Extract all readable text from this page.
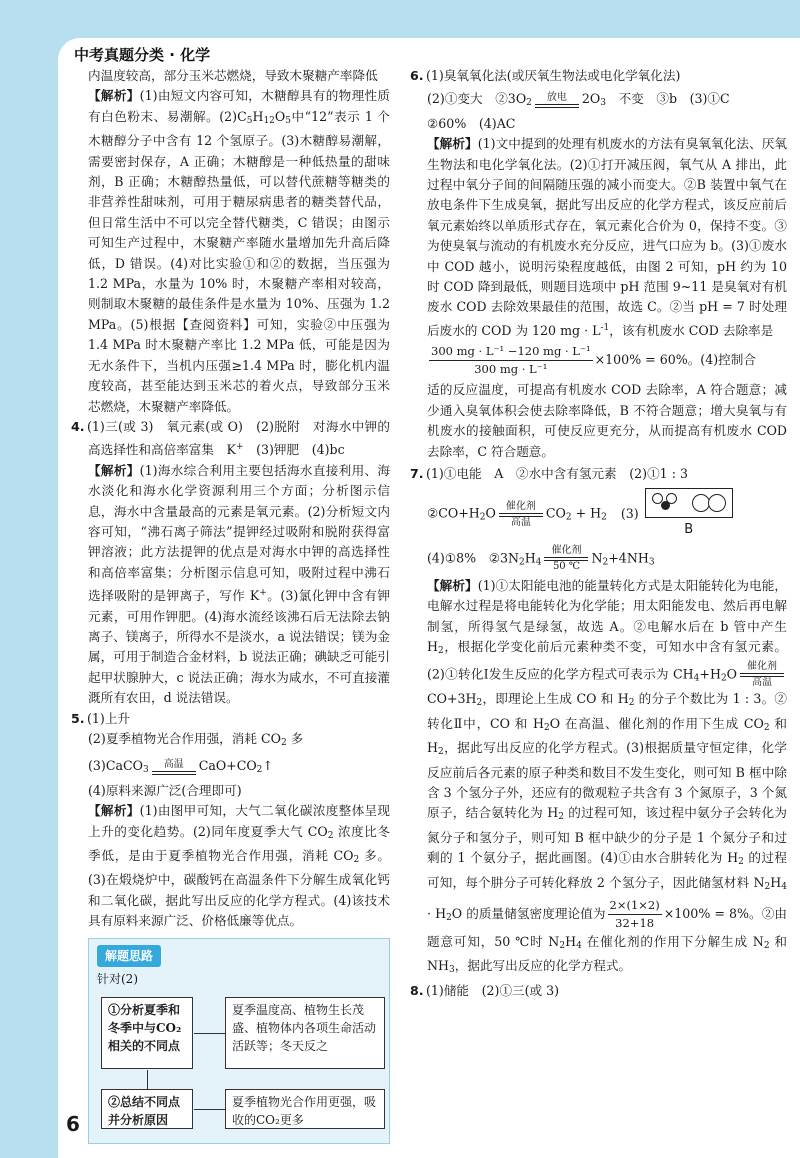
中考真题分类 · 化学

内温度较高，部分玉米芯燃烧，导致木聚糖产率降低

【解析】(1)由短文内容可知，木糖醇具有的物理性质有白色粉末、易潮解。$(2)C_5H_{12}O_5$中“12”表示 1 个木糖醇分子中含有 12 个氢原子。(3)木糖醇易潮解，需要密封保存，A 正确；木糖醇是一种低热量的甜味剂，B 正确；木糖醇热量低，可以替代蔗糖等糖类的非营养性甜味剂，可用于糖尿病患者的糖类替代品，但日常生活中不可以完全替代糖类，C 错误；由图示可知生产过程中，木聚糖产率随水量增加先升高后降低，D 错误。(4)对比实验①和②的数据，当压强为 1.2 MPa，水量为 10% 时，木聚糖产率相对较高，则制取木聚糖的最佳条件是水量为 10%、压强为 1.2 MPa。(5)根据【查阅资料】可知，实验②中压强为 1.4 MPa 时木聚糖产率比 1.2 MPa 低，可能是因为无水条件下，当机内压强≥1.4 MPa 时，膨化机内温度较高，甚至能达到玉米芯的着火点，导致部分玉米芯燃烧，木聚糖产率降低。

4. (1)三(或 3)　氧元素(或 O)　(2)脱附　对海水中钾的高选择性和高倍率富集　K+　(3)钾肥　(4)bc

【解析】(1)海水综合利用主要包括海水直接利用、海水淡化和海水化学资源利用三个方面；分析图示信息，海水中含量最高的元素是氧元素。(2)分析短文内容可知，“沸石离子筛法”提钾经过吸附和脱附获得富钾溶液；此方法提钾的优点是对海水中钾的高选择性和高倍率富集；分析图示信息可知，吸附过程中沸石选择吸附的是钾离子，写作 K+。(3)氯化钾中含有钾元素，可用作钾肥。(4)海水流经该沸石后无法除去钠离子、镁离子，所得水不是淡水，a 说法错误；镁为金属，可用于制造合金材料，b 说法正确；碘缺乏可能引起甲状腺肿大，c 说法正确；海水为咸水，不可直接灌溉所有农田，d 说法错误。

5. (1)上升

(2)夏季植物光合作用强，消耗 $CO_2$ 多

(3)CaCO$_3$
高温 $CaO+CO_2↑$

(4)原料来源广泛(合理即可)

【解析】(1)由图甲可知，大气二氧化碳浓度整体呈现上升的变化趋势。(2)同年度夏季大气 $CO_2$ 浓度比冬季低，是由于夏季植物光合作用强，消耗 $CO_2$ 多。(3)在煅烧炉中，碳酸钙在高温条件下分解生成氧化钙和二氧化碳，据此写出反应的化学方程式。(4)该技术具有原料来源广泛、价格低廉等优点。

解题思路
针对(2)
①分析夏季和冬季中与CO₂相关的不同点
夏季温度高、植物生长茂盛、植物体内各项生命活动活跃等；冬天反之
②总结不同点并分析原因
夏季植物光合作用更强，吸收的CO₂更多

6. (1)臭氧氧化法(或厌氧生物法或电化学氧化法)

(2)①变大　$②3O_2$
放电 $2O_3$　不变　③b　(3)①C

②60%　(4)AC

【解析】(1)文中提到的处理有机废水的方法有臭氧氧化法、厌氧生物法和电化学氧化法。(2)①打开减压阀，氧气从 A 排出，此过程中氧分子间的间隔随压强的减小而变大。②B 装置中氧气在放电条件下生成臭氧，据此写出反应的化学方程式，该反应前后氧元素始终以单质形式存在，氧元素化合价为 0，保持不变。③为使臭氧与流动的有机废水充分反应，进气口应为 b。(3)①废水中 COD 越小，说明污染程度越低，由图 2 可知，pH 约为 10 时 COD 降到最低，则题目选项中 pH 范围 9~11 是臭氧对有机废水 COD 去除效果最佳的范围，故选 C。②当 pH = 7 时处理后废水的 COD 为 120 mg · $L^{-1}$，该有机废水 COD 去除率是

$\frac{\text{300 mg · L⁻¹ −120 mg · L⁻¹}}{\text{300 mg · L⁻¹}} \times 100\% = 60\%$。(4)控制合

适的反应温度，可提高有机废水 COD 去除率，A 符合题意；减少通入臭氧体积会使去除率降低，B 不符合题意；增大臭氧与有机废水的接触面积，可使反应更充分，从而提高有机废水 COD 去除率，C 符合题意。

7. (1)①电能　A　②水中含有氢元素　(2)①1 : 3

$②CO+H_2O$ 催化剂
高温
$CO_2 + H_2$ (3)
B

(4)①8%　$②3N_2H_4$
催化剂
50 ℃
$N_2+4NH_3$

【解析】(1)①太阳能电池的能量转化方式是太阳能转化为电能，电解水过程是将电能转化为化学能；用太阳能发电、然后再电解制氢，所得氢气是绿氢，故选 A。②电解水后在 b 管中产生 $H_2$，根据化学变化前后元素种类不变，可知水中含有氢元素。(2)①转化Ⅰ发生反应的化学方程式可表示为 $CH_4+H_2O$ 催化剂
高温
$CO+3H_2$，即理论上生成 CO 和 $H_2$ 的分子个数比为 1 : 3。②转化Ⅱ中，CO 和 $H_2O$ 在高温、催化剂的作用下生成 $CO_2$ 和 $H_2$，据此写出反应的化学方程式。(3)根据质量守恒定律，化学反应前后各元素的原子种类和数目不发生变化，则可知 B 框中除含 3 个氢分子外，还应有的微观粒子共含有 3 个氮原子，3 个氮原子，结合氨转化为 $H_2$ 的过程可知，该过程中氨分子会转化为氮分子和氢分子，则可知 B 框中缺少的分子是 1 个氮分子和过剩的 1 个氨分子，据此画图。(4)①由水合肼转化为 $H_2$ 的过程可知，每个肼分子可转化释放 2 个氢分子，因此储氢材料 $N_2H_4 \cdot H_2O$ 的质量储氢密度理论值为 $\frac{2\times(1\times 2)}{32+18} \times 100\% = 8\%$。②由题意可知，50 ℃时 $N_2H_4$ 在催化剂的作用下分解生成 $N_2$ 和 $NH_3$，据此写出反应的化学方程式。

8. (1)储能　(2)①三(或 3)

6
